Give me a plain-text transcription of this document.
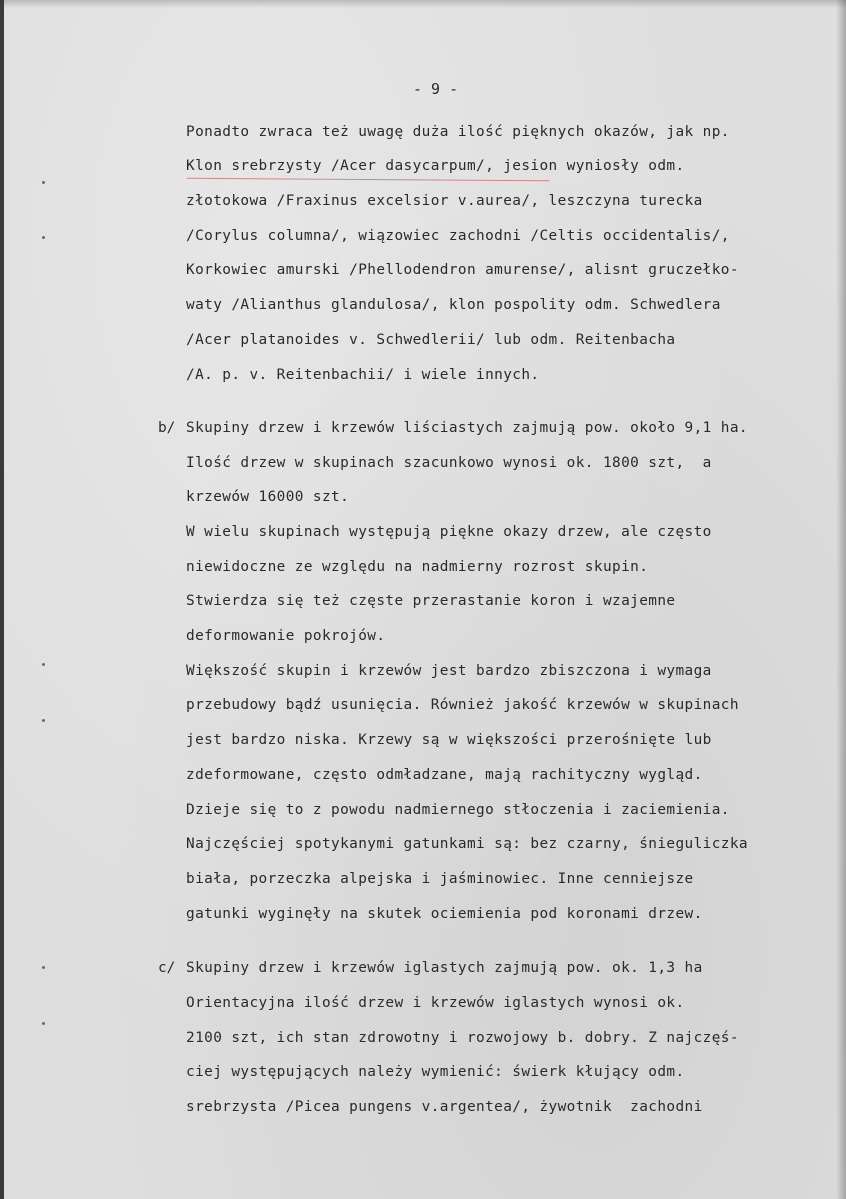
- 9 -
Ponadto zwraca też uwagę duża ilość pięknych okazów, jak np.
Klon srebrzysty /Acer dasycarpum/, jesion wyniosły odm.
złotokowa /Fraxinus excelsior v.aurea/, leszczyna turecka
/Corylus columna/, wiązowiec zachodni /Celtis occidentalis/,
Korkowiec amurski /Phellodendron amurense/, alisnt gruczełko-
waty /Alianthus glandulosa/, klon pospolity odm. Schwedlera
/Acer platanoides v. Schwedlerii/ lub odm. Reitenbacha
/A. p. v. Reitenbachii/ i wiele innych.
b/ Skupiny drzew i krzewów liściastych zajmują pow. około 9,1 ha.
Ilość drzew w skupinach szacunkowo wynosi ok. 1800 szt,  a
krzewów 16000 szt.
W wielu skupinach występują piękne okazy drzew, ale często
niewidoczne ze względu na nadmierny rozrost skupin.
Stwierdza się też częste przerastanie koron i wzajemne
deformowanie pokrojów.
Większość skupin i krzewów jest bardzo zbiszczona i wymaga
przebudowy bądź usunięcia. Również jakość krzewów w skupinach
jest bardzo niska. Krzewy są w większości przerośnięte lub
zdeformowane, często odmładzane, mają rachityczny wygląd.
Dzieje się to z powodu nadmiernego stłoczenia i zaciemienia.
Najczęściej spotykanymi gatunkami są: bez czarny, śnieguliczka
biała, porzeczka alpejska i jaśminowiec. Inne cenniejsze
gatunki wyginęły na skutek ociemienia pod koronami drzew.
c/ Skupiny drzew i krzewów iglastych zajmują pow. ok. 1,3 ha
Orientacyjna ilość drzew i krzewów iglastych wynosi ok.
2100 szt, ich stan zdrowotny i rozwojowy b. dobry. Z najczęś-
ciej występujących należy wymienić: świerk kłujący odm.
srebrzysta /Picea pungens v.argentea/, żywotnik  zachodni
